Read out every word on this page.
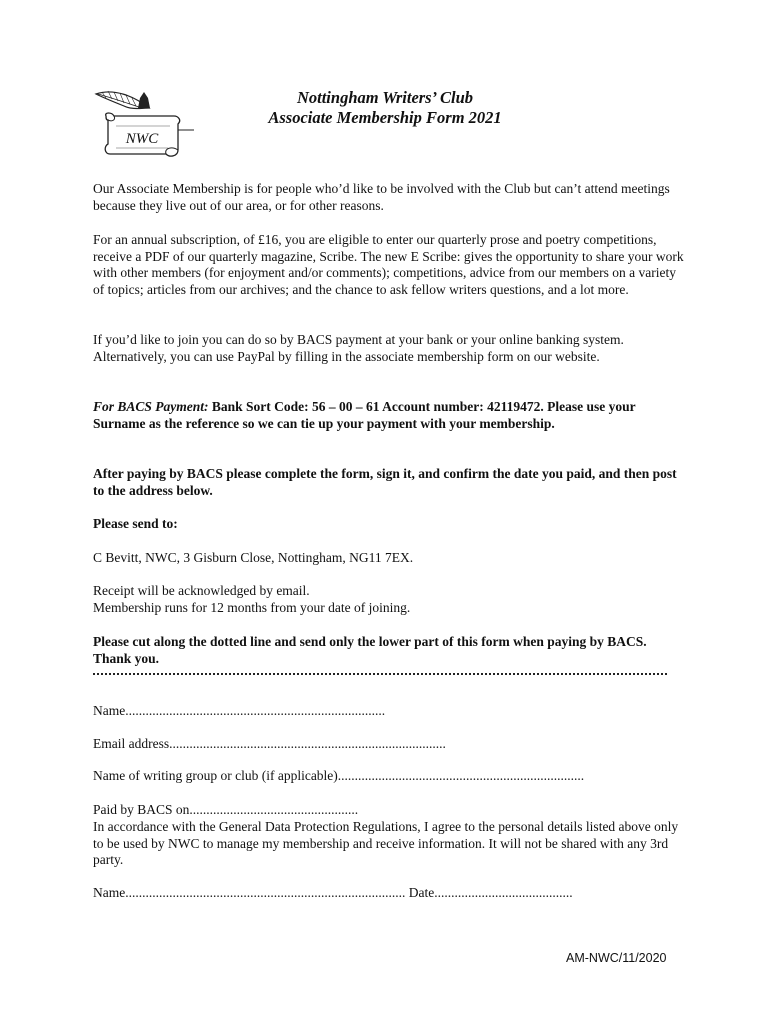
NWC
Nottingham Writers’ Club
Associate Membership Form 2021

Our Associate Membership is for people who’d like to be involved with the Club but can’t attend meetings because they live out of our area, or for other reasons.

For an annual subscription, of £16, you are eligible to enter our quarterly prose and poetry competitions, receive a PDF of our quarterly magazine, Scribe. The new E Scribe: gives the opportunity to share your work with other members (for enjoyment and/or comments); competitions, advice from our members on a variety of topics; articles from our archives; and the chance to ask fellow writers questions, and a lot more.

If you’d like to join you can do so by BACS payment at your bank or your online banking system. Alternatively, you can use PayPal by filling in the associate membership form on our website.

For BACS Payment: Bank Sort Code: 56 – 00 – 61 Account number: 42119472. Please use your Surname as the reference so we can tie up your payment with your membership.

After paying by BACS please complete the form, sign it, and confirm the date you paid, and then post to the address below.

Please send to:

C Bevitt, NWC, 3 Gisburn Close, Nottingham, NG11 7EX.

Receipt will be acknowledged by email.

Membership runs for 12 months from your date of joining.

Please cut along the dotted line and send only the lower part of this form when paying by BACS. Thank you.

Name.............................................................................

Email address..................................................................................

Name of writing group or club (if applicable).........................................................................

Paid by BACS on..................................................

In accordance with the General Data Protection Regulations, I agree to the personal details listed above only to be used by NWC to manage my membership and receive information. It will not be shared with any 3rd party.

Name................................................................................... Date.........................................

AM-NWC/11/2020
